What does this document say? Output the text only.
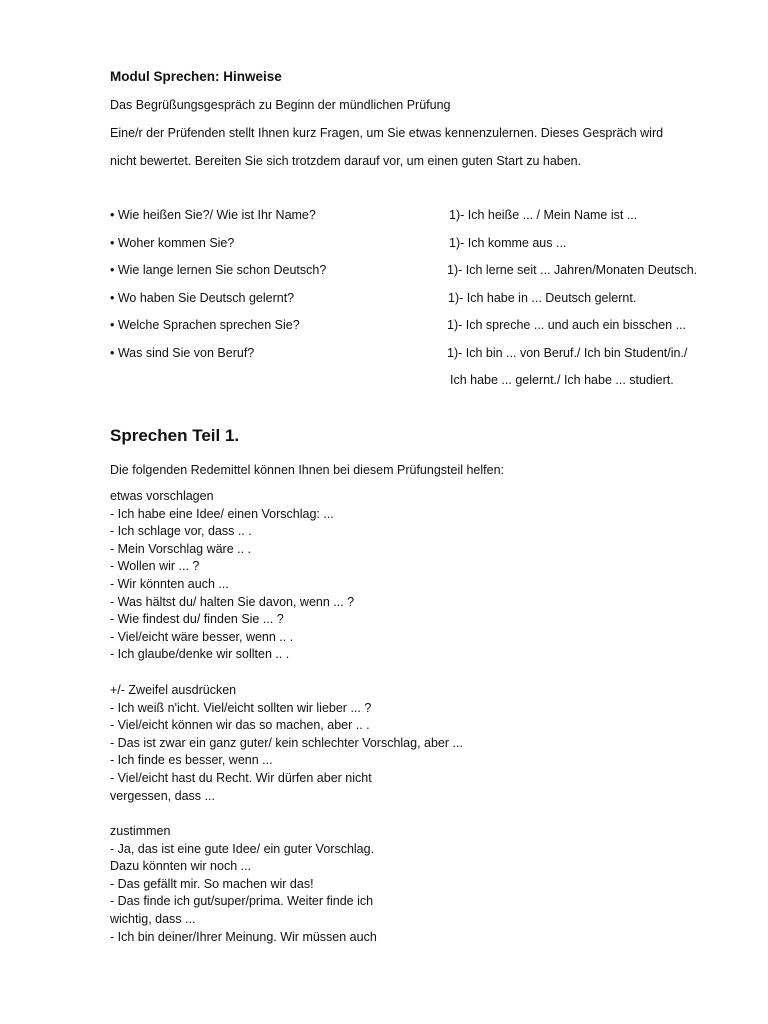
Modul Sprechen: Hinweise
Das Begrüßungsgespräch zu Beginn der mündlichen Prüfung
Eine/r der Prüfenden stellt Ihnen kurz Fragen, um Sie etwas kennenzulernen. Dieses Gespräch wird
nicht bewertet. Bereiten Sie sich trotzdem darauf vor, um einen guten Start zu haben.
• Wie heißen Sie?/ Wie ist Ihr Name?	1)- Ich heiße ... / Mein Name ist ...
• Woher kommen Sie?	1)- Ich komme aus ...
• Wie lange lernen Sie schon Deutsch?	1)- Ich lerne seit ... Jahren/Monaten Deutsch.
• Wo haben Sie Deutsch gelernt?	1)- Ich habe in ... Deutsch gelernt.
• Welche Sprachen sprechen Sie?	1)- Ich spreche ... und auch ein bisschen ...
• Was sind Sie von Beruf?	1)- Ich bin ... von Beruf./ Ich bin Student/in./
Ich habe ... gelernt./ Ich habe ... studiert.
Sprechen Teil 1.
Die folgenden Redemittel können Ihnen bei diesem Prüfungsteil helfen:
etwas vorschlagen
- Ich habe eine Idee/ einen Vorschlag: ...
- Ich schlage vor, dass .. .
- Mein Vorschlag wäre .. .
- Wollen wir ... ?
- Wir könnten auch ...
- Was hältst du/ halten Sie davon, wenn ... ?
- Wie findest du/ finden Sie ... ?
- Viel/eicht wäre besser, wenn .. .
- Ich glaube/denke wir sollten .. .
+/- Zweifel ausdrücken
- Ich weiß n'icht. Viel/eicht sollten wir lieber ... ?
- Viel/eicht können wir das so machen, aber .. .
- Das ist zwar ein ganz guter/ kein schlechter Vorschlag, aber ...
- Ich finde es besser, wenn ...
- Viel/eicht hast du Recht. Wir dürfen aber nicht
vergessen, dass ...
zustimmen
- Ja, das ist eine gute Idee/ ein guter Vorschlag.
Dazu könnten wir noch ...
- Das gefällt mir. So machen wir das!
- Das finde ich gut/super/prima. Weiter finde ich
wichtig, dass ...
- Ich bin deiner/Ihrer Meinung. Wir müssen auch
